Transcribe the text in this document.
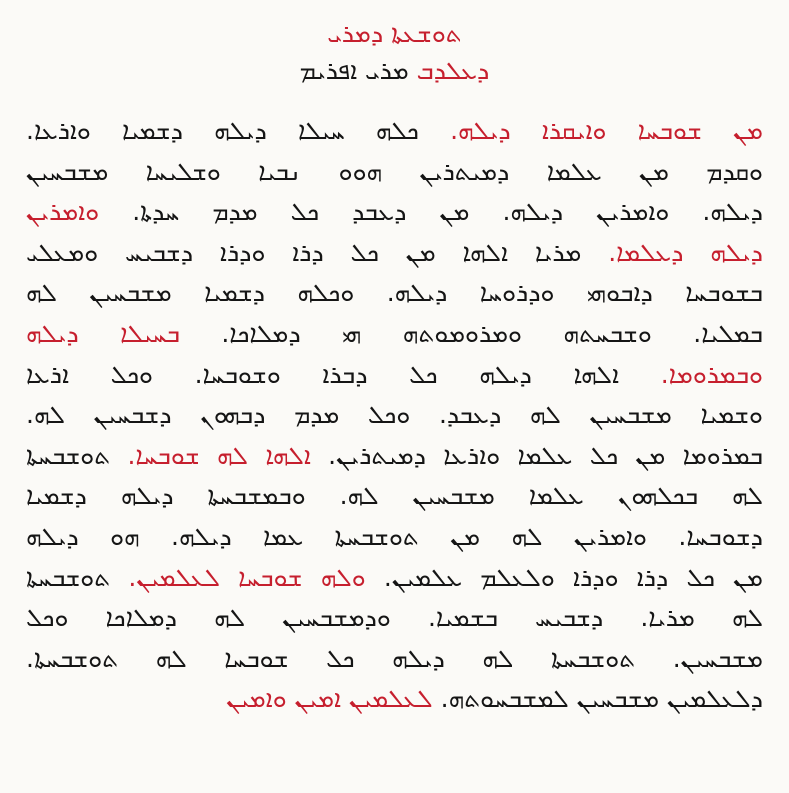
ܬܘܫܥܬܐ ܕܡܪܝ
ܕܥܠܕܒ ܡܪܝ ܐܦܪܝܡ
ܡܢ ܫܘܒܚܐ ܘܐܝܩܪܐ ܕܝܠܗ. ܟܠܗ ܚܝܠܐ ܕܝܠܗ ܕܫܡܝܐ ܘܐܪܥܐ.
ܘܩܕܡ ܡܢ ܥܠܡܐ ܕܡܝܬܪܝܢ ܗܘܘ ܢܒܝܐ ܘܫܠܝܚܐ ܡܫܒܚܝܢ
ܕܝܠܗ. ܘܐܡܪܝܢ ܕܝܠܗ. ܡܢ ܕܥܒܕ ܟܠ ܡܕܡ ܚܕܬܐ. ܘܐܡܪܝܢ
ܕܝܠܗ ܕܥܠܡܐ. ܡܪܝܐ ܐܠܗܐ ܡܢ ܟܠ ܕܪܐ ܘܕܪܐ ܕܫܒܝܚ ܘܡܥܠܝ
ܒܫܘܒܚܐ ܕܐܒܘܗܝ ܘܕܪܘܚܐ ܕܝܠܗ. ܘܟܠܗ ܕܫܡܝܐ ܡܫܒܚܝܢ ܠܗ
ܒܡܠܝܐ. ܘܫܒܚܬܗ ܘܡܪܘܡܘܬܗ ܗܝ ܕܡܠܐܟܐ. ܒܚܝܠܐ ܕܝܠܗ
ܘܒܡܪܘܡܐ. ܐܠܗܐ ܕܝܠܗ ܟܠ ܕܒܪܐ ܘܫܘܒܚܐ. ܘܟܠ ܐܪܥܐ
ܘܫܡܝܐ ܡܫܒܚܝܢ ܠܗ ܕܥܒܕ. ܘܟܠ ܡܕܡ ܕܒܗܘܢ ܕܫܒܚܝܢ ܠܗ.
ܒܡܪܘܡܐ ܡܢ ܟܠ ܥܠܡܐ ܘܐܪܥܐ ܕܡܝܬܪܝܢ. ܐܠܗܐ ܠܗ ܫܘܒܚܐ. ܬܘܫܒܚܬܐ
ܠܗ ܒܟܠܗܘܢ ܥܠܡܐ ܡܫܒܚܝܢ ܠܗ. ܘܒܡܫܒܚܬܐ ܕܝܠܗ ܕܫܡܝܐ
ܕܫܘܒܚܐ. ܘܐܡܪܝܢ ܠܗ ܡܢ ܬܘܫܒܚܬܐ ܥܡܐ ܕܝܠܗ. ܗܘ ܕܝܠܗ
ܡܢ ܟܠ ܕܪܐ ܘܕܪܐ ܘܠܥܠܡ ܥܠܡܝܢ. ܘܠܗ ܫܘܒܚܐ ܠܥܠܡܝܢ. ܬܘܫܒܚܬܐ
ܠܗ ܡܪܝܐ. ܕܫܒܝܚ ܒܫܡܝܐ. ܘܕܡܫܒܚܝܢ ܠܗ ܕܡܠܐܟܐ ܘܟܠ
ܡܫܒܚܝܢ. ܬܘܫܒܚܬܐ ܠܗ ܕܝܠܗ ܟܠ ܫܘܒܚܐ ܠܗ ܬܘܫܒܚܬܐ.
ܕܠܥܠܡܝܢ ܡܫܒܚܝܢ ܠܡܫܒܚܘܬܗ. ܠܥܠܡܝܢ ܐܡܝܢ ܘܐܡܝܢ
